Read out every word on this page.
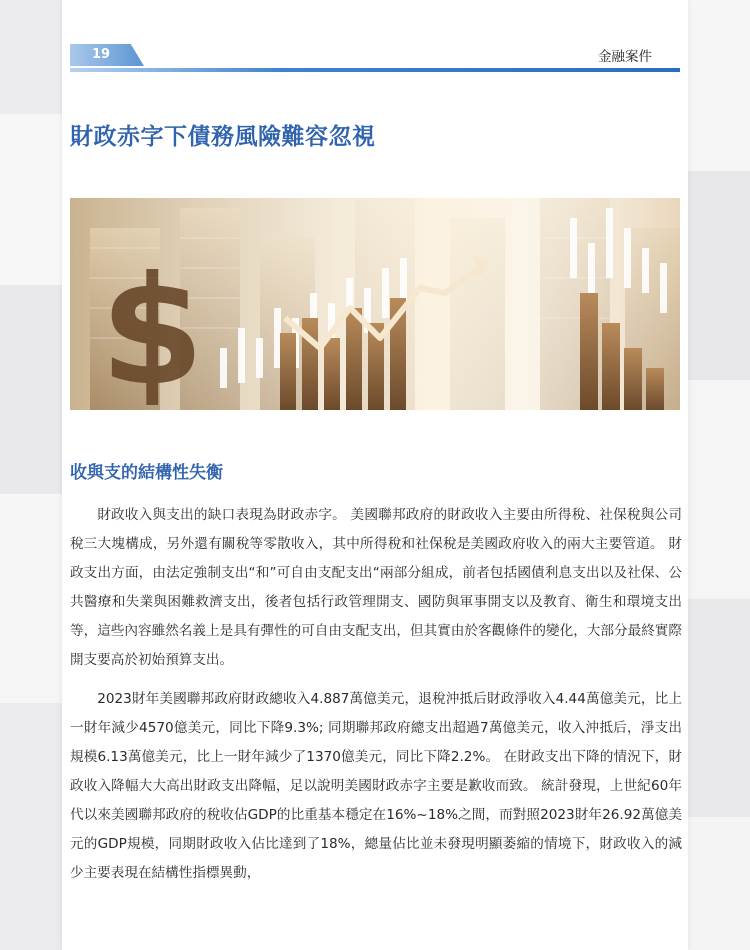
19	金融案件
財政赤字下債務風險難容忽視
$
收與支的結構性失衡

財政收入與支出的缺口表現為財政赤字。 美國聯邦政府的財政收入主要由所得稅、社保稅與公司稅三大塊構成，另外還有關稅等零散收入，其中所得稅和社保稅是美國政府收入的兩大主要管道。 財政支出方面，由法定強制支出“和”可自由支配支出“兩部分組成，前者包括國債利息支出以及社保、公共醫療和失業與困難救濟支出，後者包括行政管理開支、國防與軍事開支以及教育、衛生和環境支出等，這些內容雖然名義上是具有彈性的可自由支配支出，但其實由於客觀條件的變化，大部分最終實際開支要高於初始預算支出。

2023財年美國聯邦政府財政總收入4.887萬億美元，退稅沖抵后財政淨收入4.44萬億美元，比上一財年減少4570億美元，同比下降9.3%; 同期聯邦政府總支出超過7萬億美元，收入沖抵后，淨支出規模6.13萬億美元，比上一財年減少了1370億美元，同比下降2.2%。 在財政支出下降的情況下，財政收入降幅大大高出財政支出降幅，足以說明美國財政赤字主要是歉收而致。 統計發現，上世紀60年代以來美國聯邦政府的稅收佔GDP的比重基本穩定在16%~18%之間，而對照2023財年26.92萬億美元的GDP規模，同期財政收入佔比達到了18%，總量佔比並未發現明顯萎縮的情境下，財政收入的減少主要表現在結構性指標異動，
